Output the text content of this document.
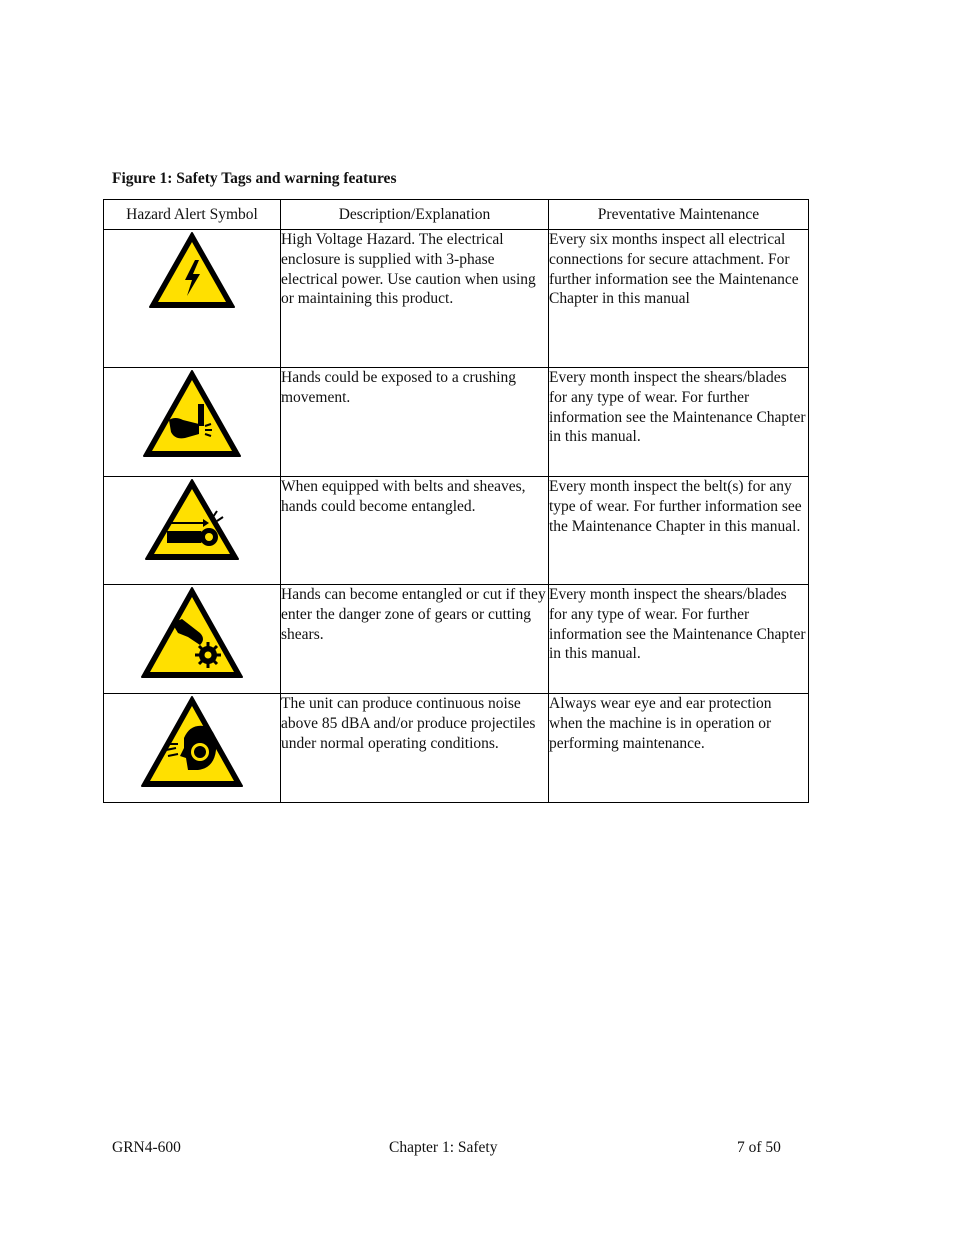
Figure 1: Safety Tags and warning features
Hazard Alert Symbol	Description/Explanation	Preventative Maintenance

High Voltage Hazard. The electrical enclosure is supplied with 3-phase electrical power. Use caution when using or maintaining this product.	Every six months inspect all electrical connections for secure attachment. For further information see the Maintenance Chapter in this manual

Hands could be exposed to a crushing movement.	Every month inspect the shears/blades for any type of wear. For further information see the Maintenance Chapter in this manual.

When equipped with belts and sheaves, hands could become entangled.	Every month inspect the belt(s) for any type of wear. For further information see the Maintenance Chapter in this manual.

Hands can become entangled or cut if they enter the danger zone of gears or cutting shears.	Every month inspect the shears/blades for any type of wear. For further information see the Maintenance Chapter in this manual.

The unit can produce continuous noise above 85 dBA and/or produce projectiles under normal operating conditions.	Always wear eye and ear protection when the machine is in operation or performing maintenance.
GRN4-600	Chapter 1: Safety	7 of 50
